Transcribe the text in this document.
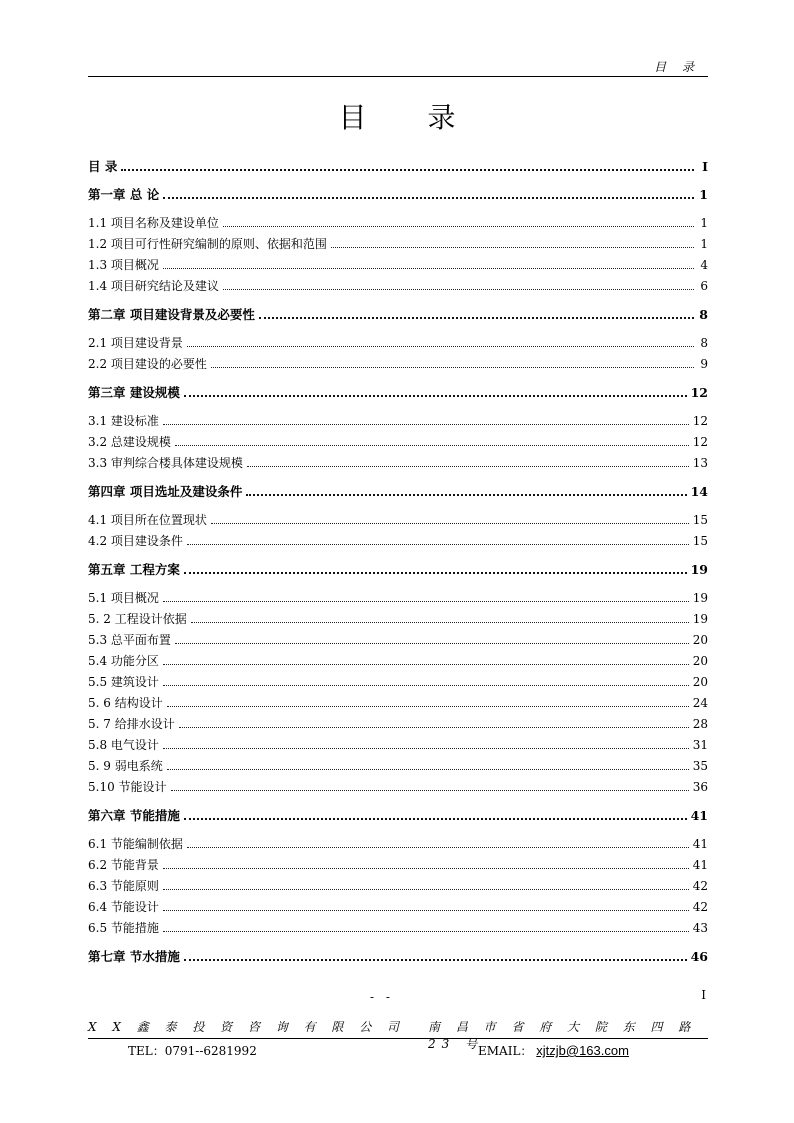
目 录
目 录
目 录	I
第一章 总 论	1
1.1 项目名称及建设单位	1
1.2 项目可行性研究编制的原则、依据和范围	1
1.3 项目概况	4
1.4 项目研究结论及建议	6
第二章 项目建设背景及必要性	8
2.1 项目建设背景	8
2.2 项目建设的必要性	9
第三章 建设规模	12
3.1 建设标准	12
3.2 总建设规模	12
3.3 审判综合楼具体建设规模	13
第四章 项目选址及建设条件	14
4.1 项目所在位置现状	15
4.2 项目建设条件	15
第五章 工程方案	19
5.1 项目概况	19
5. 2 工程设计依据	19
5.3 总平面布置	20
5.4 功能分区	20
5.5 建筑设计	20
5. 6 结构设计	24
5. 7 给排水设计	28
5.8 电气设计	31
5. 9 弱电系统	35
5.10 节能设计	36
第六章 节能措施	41
6.1 节能编制依据	41
6.2 节能背景	41
6.3 节能原则	42
6.4 节能设计	42
6.5 节能措施	43
第七章 节水措施	46
- -	I
X X 鑫 泰 投 资 咨 询 有 限 公 司 南 昌 市 省 府 大 院 东 四 路 23 号
TEL：0791--6281992	EMAIL： xjtzjb@163.com
